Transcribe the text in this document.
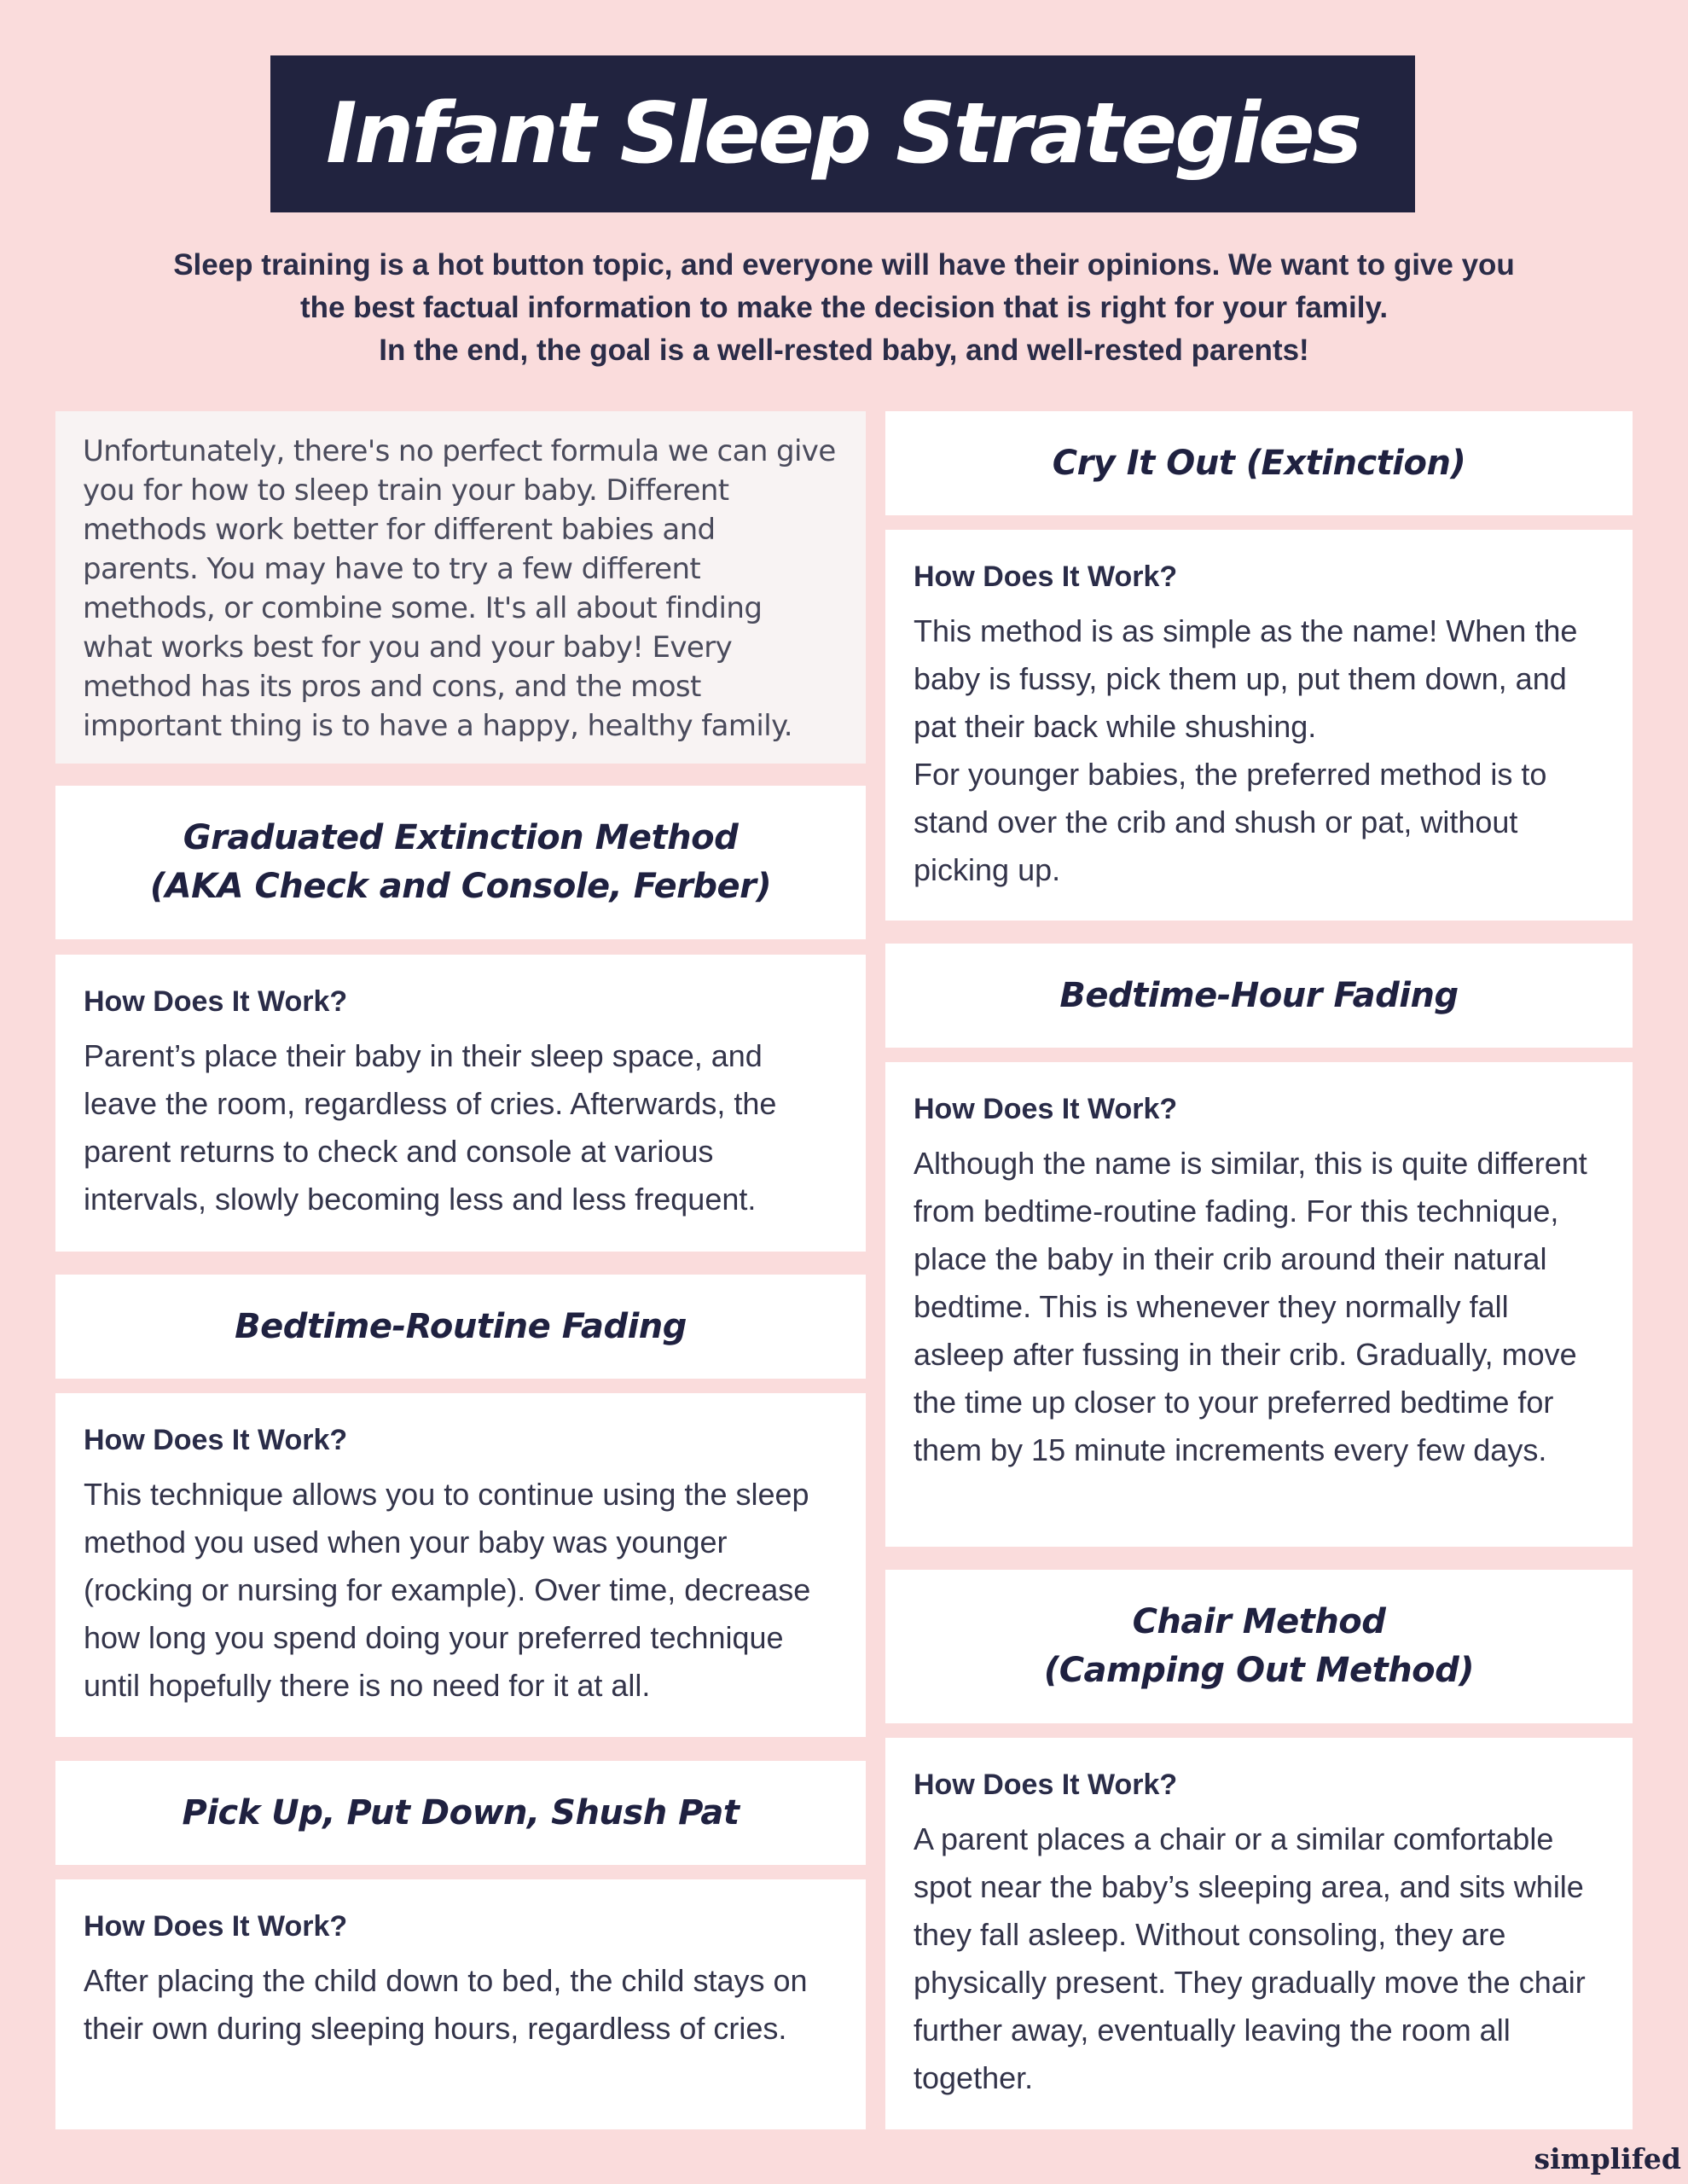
Infant Sleep Strategies
Sleep training is a hot button topic, and everyone will have their opinions. We want to give you
the best factual information to make the decision that is right for your family.
In the end, the goal is a well-rested baby, and well-rested parents!

Unfortunately, there's no perfect formula we can give you for how to sleep train your baby. Different methods work better for different babies and parents. You may have to try a few different methods, or combine some. It's all about finding what works best for you and your baby! Every method has its pros and cons, and the most important thing is to have a happy, healthy family.

Graduated Extinction Method
(AKA Check and Console, Ferber)
How Does It Work?

Parent’s place their baby in their sleep space, and leave the room, regardless of cries. Afterwards, the parent returns to check and console at various intervals, slowly becoming less and less frequent.

Bedtime-Routine Fading
How Does It Work?

This technique allows you to continue using the sleep method you used when your baby was younger (rocking or nursing for example). Over time, decrease how long you spend doing your preferred technique until hopefully there is no need for it at all.

Pick Up, Put Down, Shush Pat
How Does It Work?

After placing the child down to bed, the child stays on their own during sleeping hours, regardless of cries.

Cry It Out (Extinction)
How Does It Work?

This method is as simple as the name! When the baby is fussy, pick them up, put them down, and pat their back while shushing.

For younger babies, the preferred method is to stand over the crib and shush or pat, without picking up.

Bedtime-Hour Fading
How Does It Work?

Although the name is similar, this is quite different from bedtime-routine fading. For this technique, place the baby in their crib around their natural bedtime. This is whenever they normally fall asleep after fussing in their crib. Gradually, move the time up closer to your preferred bedtime for them by 15 minute increments every few days.

Chair Method
(Camping Out Method)
How Does It Work?

A parent places a chair or a similar comfortable spot near the baby’s sleeping area, and sits while they fall asleep. Without consoling, they are physically present. They gradually move the chair further away, eventually leaving the room all together.

simplifed
